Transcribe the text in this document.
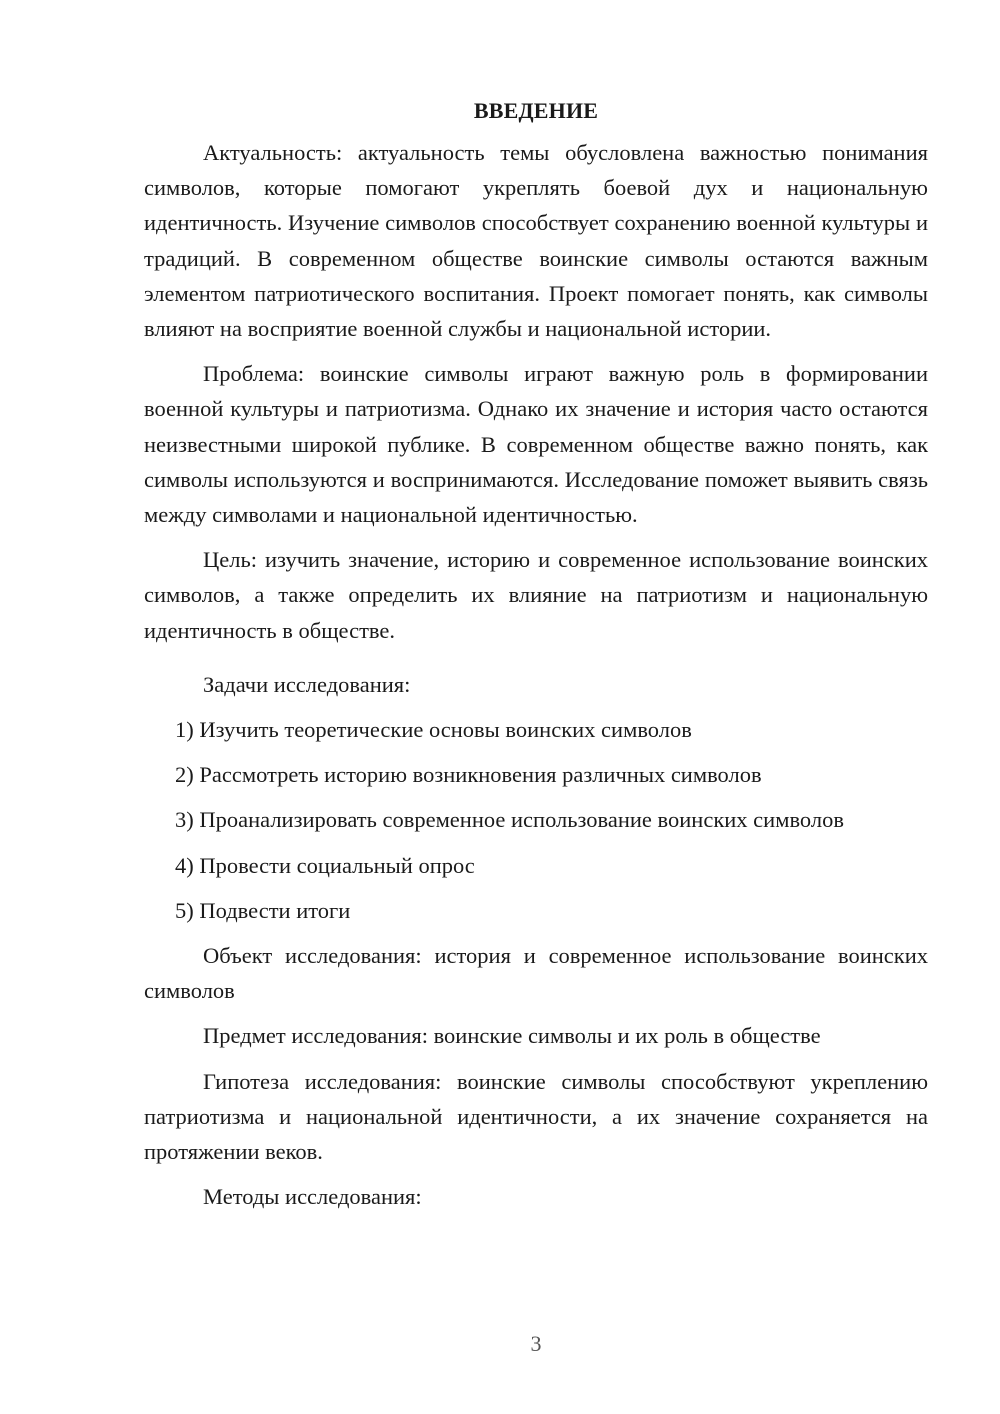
ВВЕДЕНИЕ

Актуальность: актуальность темы обусловлена важностью понимания символов, которые помогают укреплять боевой дух и национальную идентичность. Изучение символов способствует сохранению военной культуры и традиций. В современном обществе воинские символы остаются важным элементом патриотического воспитания. Проект помогает понять, как символы влияют на восприятие военной службы и национальной истории.

Проблема: воинские символы играют важную роль в формировании военной культуры и патриотизма. Однако их значение и история часто остаются неизвестными широкой публике. В современном обществе важно понять, как символы используются и воспринимаются. Исследование поможет выявить связь между символами и национальной идентичностью.

Цель: изучить значение, историю и современное использование воинских символов, а также определить их влияние на патриотизм и национальную идентичность в обществе.

Задачи исследования:

1) Изучить теоретические основы воинских символов
2) Рассмотреть историю возникновения различных символов
3) Проанализировать современное использование воинских символов
4) Провести социальный опрос
5) Подвести итоги

Объект исследования: история и современное использование воинских символов

Предмет исследования: воинские символы и их роль в обществе

Гипотеза исследования: воинские символы способствуют укреплению патриотизма и национальной идентичности, а их значение сохраняется на протяжении веков.

Методы исследования:

3
